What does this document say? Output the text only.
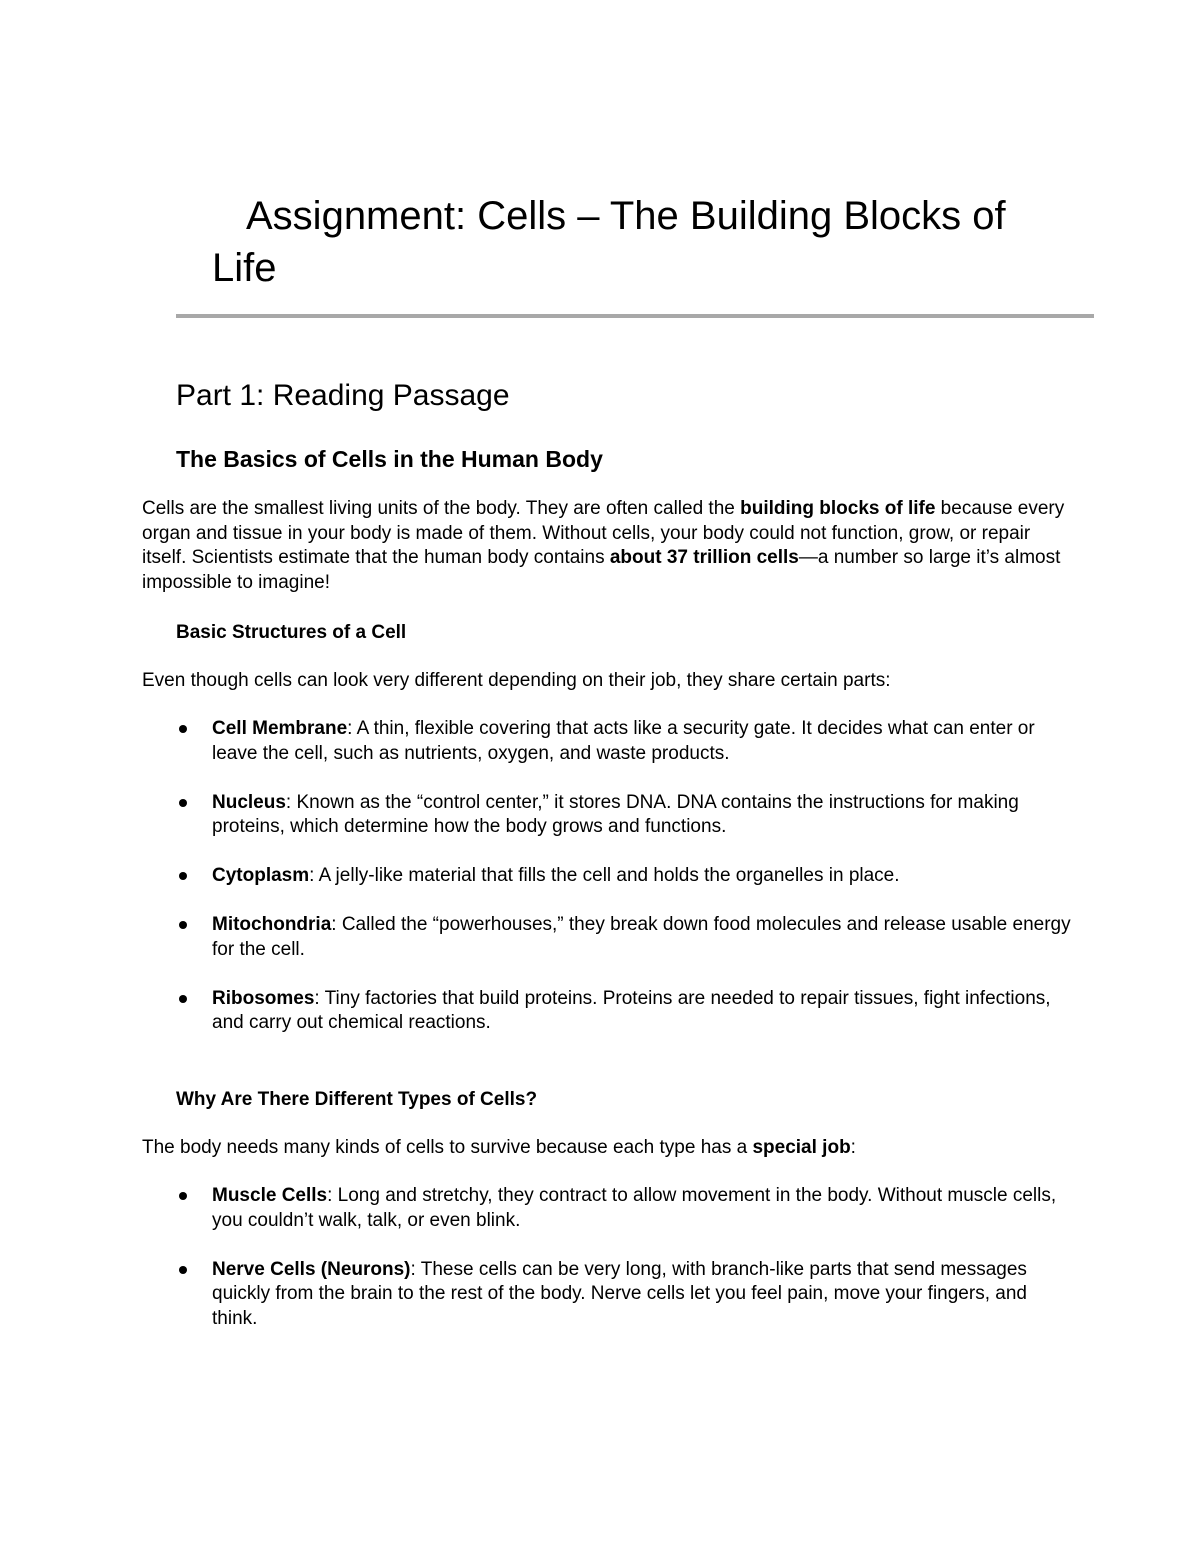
Assignment: Cells – The Building Blocks of Life
Part 1: Reading Passage
The Basics of Cells in the Human Body

Cells are the smallest living units of the body. They are often called the building blocks of life because every organ and tissue in your body is made of them. Without cells, your body could not function, grow, or repair itself. Scientists estimate that the human body contains about 37 trillion cells—a number so large it’s almost impossible to imagine!

Basic Structures of a Cell

Even though cells can look very different depending on their job, they share certain parts:

Cell Membrane: A thin, flexible covering that acts like a security gate. It decides what can enter or leave the cell, such as nutrients, oxygen, and waste products.
Nucleus: Known as the “control center,” it stores DNA. DNA contains the instructions for making proteins, which determine how the body grows and functions.
Cytoplasm: A jelly-like material that fills the cell and holds the organelles in place.
Mitochondria: Called the “powerhouses,” they break down food molecules and release usable energy for the cell.
Ribosomes: Tiny factories that build proteins. Proteins are needed to repair tissues, fight infections, and carry out chemical reactions.
Why Are There Different Types of Cells?

The body needs many kinds of cells to survive because each type has a special job:

Muscle Cells: Long and stretchy, they contract to allow movement in the body. Without muscle cells, you couldn’t walk, talk, or even blink.
Nerve Cells (Neurons): These cells can be very long, with branch-like parts that send messages quickly from the brain to the rest of the body. Nerve cells let you feel pain, move your fingers, and think.
